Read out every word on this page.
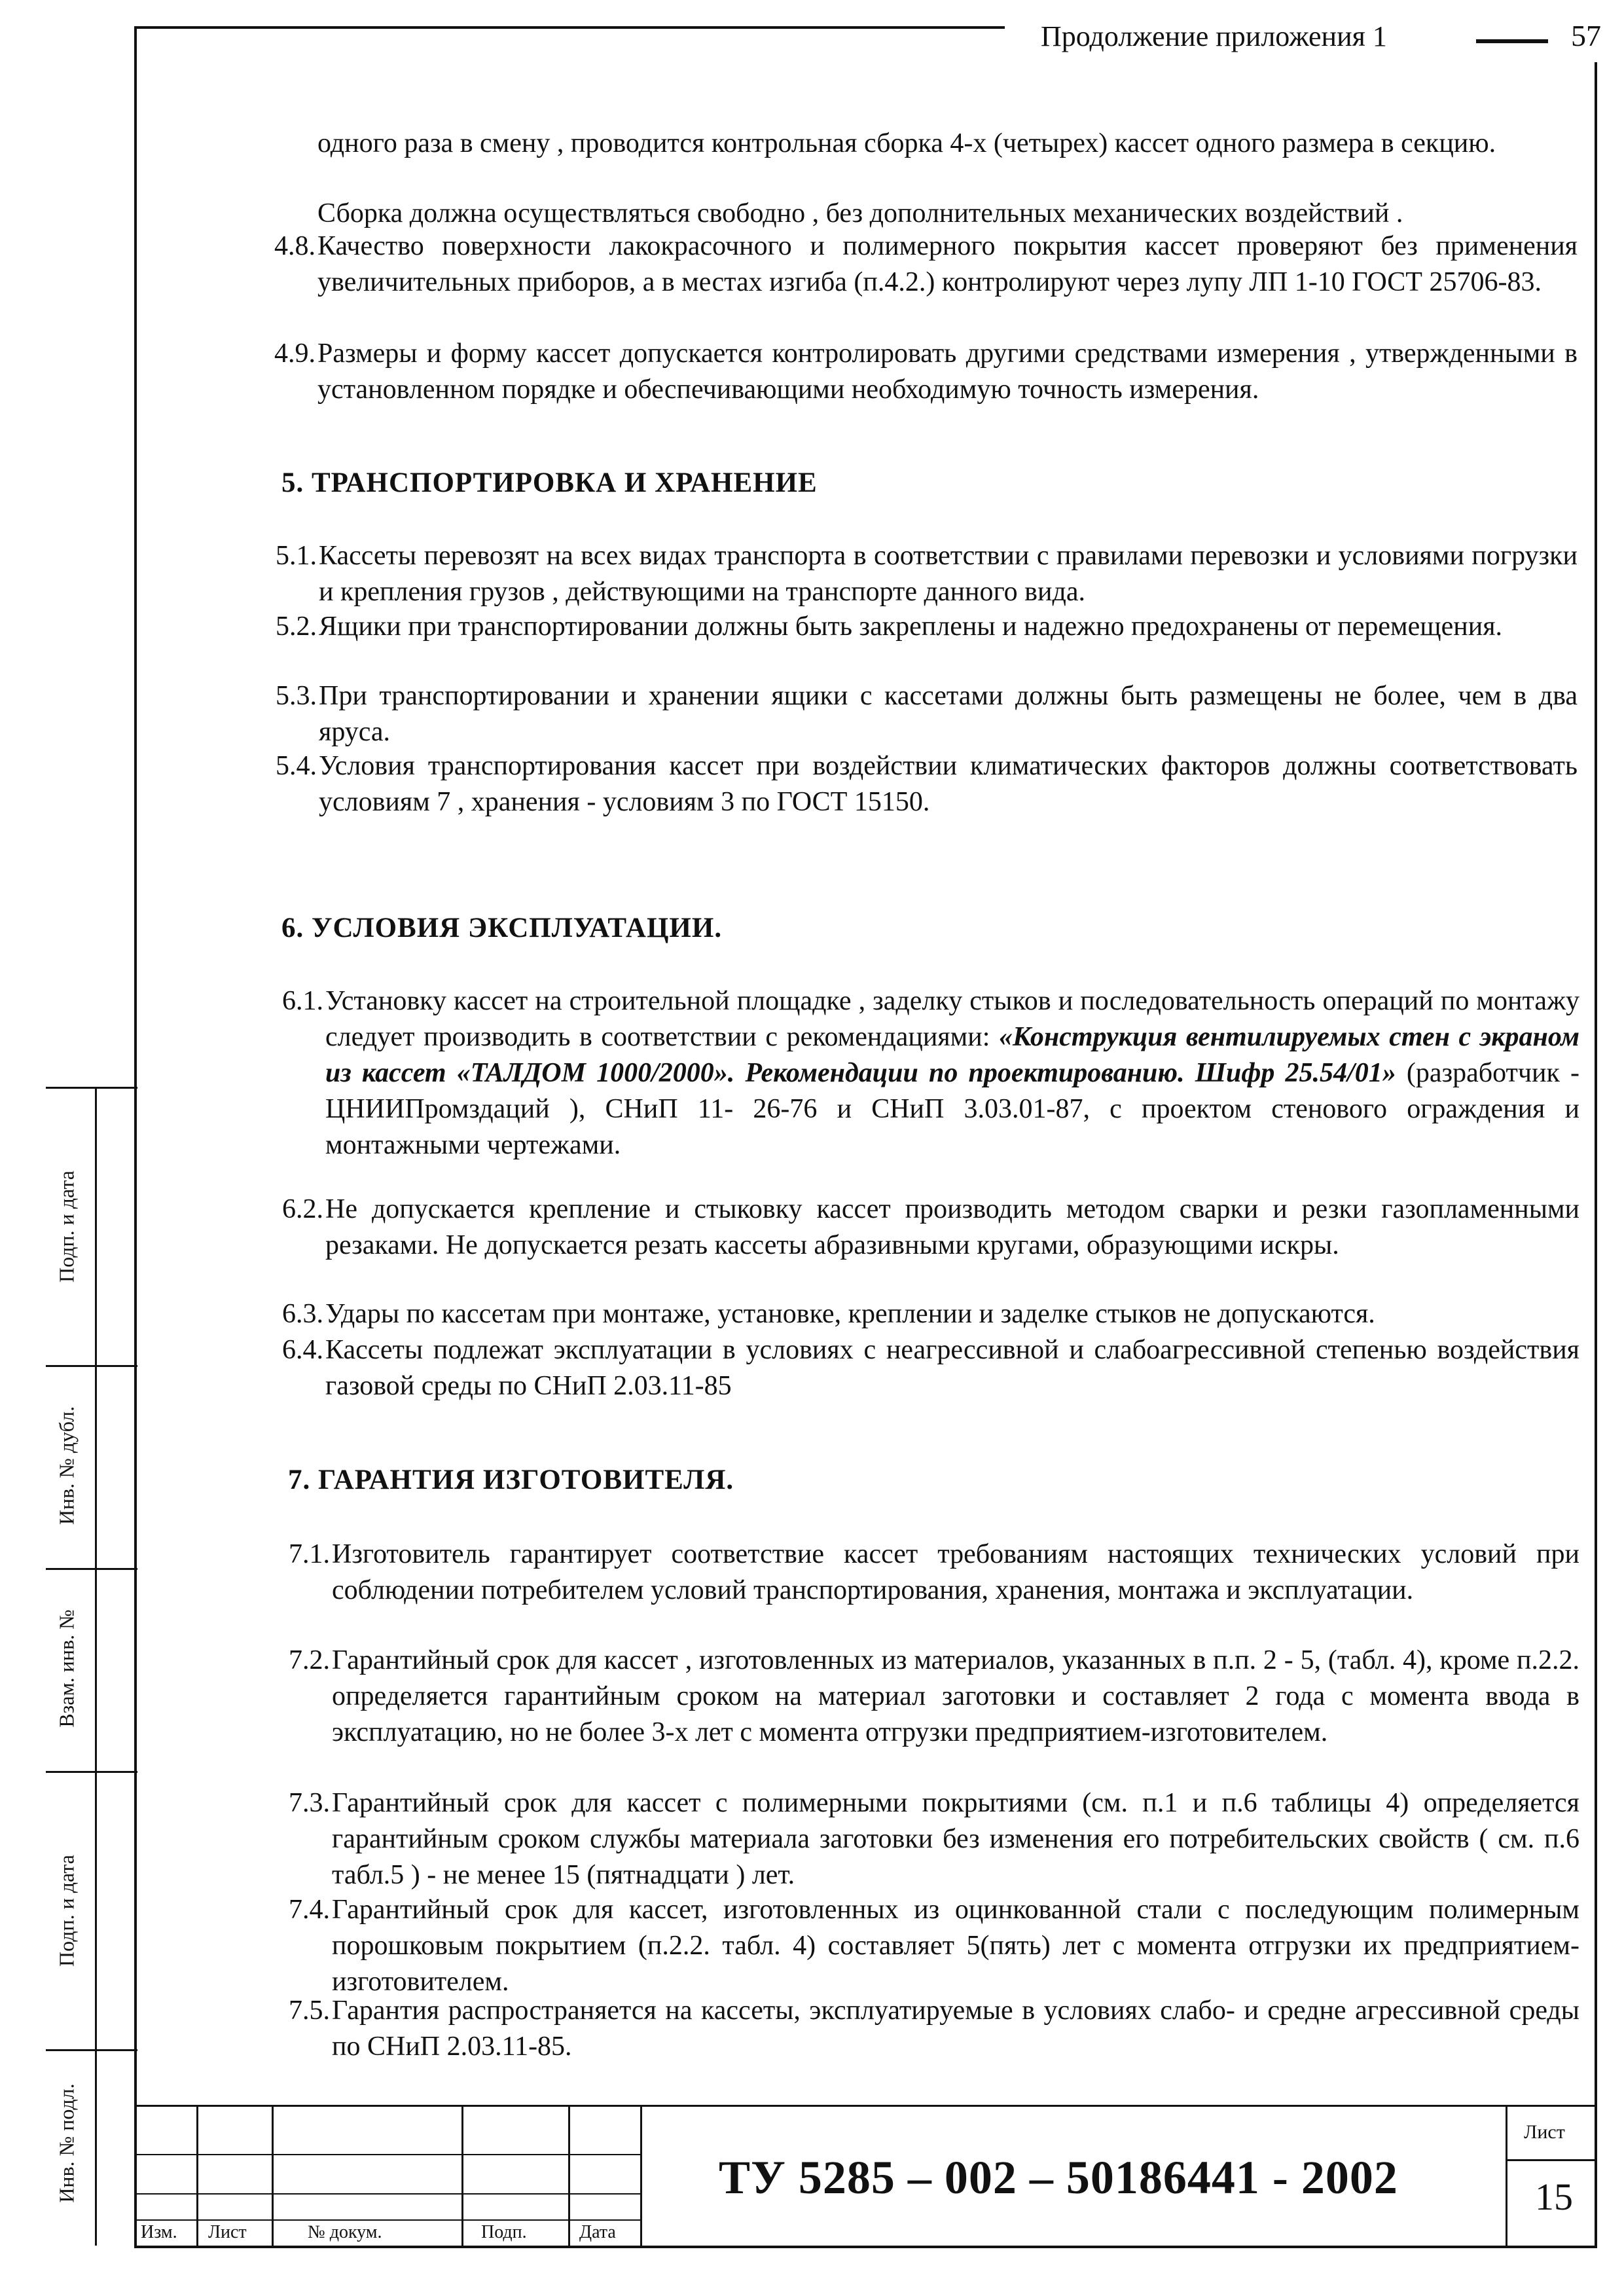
Продолжение приложения 1	57
одного раза в смену , проводится контрольная сборка 4-х (четырех) кассет одного размера в секцию.
Сборка должна осуществляться свободно , без дополнительных механических воздействий .
4.8. Качество поверхности лакокрасочного и полимерного покрытия кассет проверяют без применения увеличительных приборов, а в местах изгиба (п.4.2.) контролируют через лупу ЛП 1-10 ГОСТ 25706-83.
4.9. Размеры и форму кассет допускается контролировать другими средствами измерения , утвержденными в установленном порядке и обеспечивающими необходимую точность измерения.
5. ТРАНСПОРТИРОВКА И ХРАНЕНИЕ
5.1. Кассеты перевозят на всех видах транспорта в соответствии с правилами перевозки и условиями погрузки и крепления грузов , действующими на транспорте данного вида.
5.2. Ящики при транспортировании должны быть закреплены и надежно предохранены от перемещения.
5.3. При транспортировании и хранении ящики с кассетами должны быть размещены не более, чем в два яруса.
5.4. Условия транспортирования кассет при воздействии климатических факторов должны соответствовать условиям 7 , хранения - условиям 3 по ГОСТ 15150.
6. УСЛОВИЯ ЭКСПЛУАТАЦИИ.
6.1. Установку кассет на строительной площадке , заделку стыков и последовательность операций по монтажу следует производить в соответствии с рекомендациями: «Конструкция вентилируемых стен с экраном из кассет «ТАЛДОМ 1000/2000». Рекомендации по проектированию. Шифр 25.54/01» (разработчик - ЦНИИПромздаций ), СНиП 11- 26-76 и СНиП 3.03.01-87, с проектом стенового ограждения и монтажными чертежами.
6.2. Не допускается крепление и стыковку кассет производить методом сварки и резки газопламенными резаками. Не допускается резать кассеты абразивными кругами, образующими искры.
6.3. Удары по кассетам при монтаже, установке, креплении и заделке стыков не допускаются.
6.4. Кассеты подлежат эксплуатации в условиях с неагрессивной и слабоагрессивной степенью воздействия газовой среды по СНиП 2.03.11-85
7. ГАРАНТИЯ ИЗГОТОВИТЕЛЯ.
7.1. Изготовитель гарантирует соответствие кассет требованиям настоящих технических условий при соблюдении потребителем условий транспортирования, хранения, монтажа и эксплуатации.
7.2. Гарантийный срок для кассет , изготовленных из материалов, указанных в п.п. 2 - 5, (табл. 4), кроме п.2.2. определяется гарантийным сроком на материал заготовки и составляет 2 года с момента ввода в эксплуатацию, но не более 3-х лет с момента отгрузки предприятием-изготовителем.
7.3. Гарантийный срок для кассет с полимерными покрытиями (см. п.1 и п.6 таблицы 4) определяется гарантийным сроком службы материала заготовки без изменения его потребительских свойств ( см. п.6 табл.5 ) - не менее 15 (пятнадцати ) лет.
7.4. Гарантийный срок для кассет, изготовленных из оцинкованной стали с последующим полимерным порошковым покрытием (п.2.2. табл. 4) составляет 5(пять) лет с момента отгрузки их предприятием-изготовителем.
7.5. Гарантия распространяется на кассеты, эксплуатируемые в условиях слабо- и средне агрессивной среды по СНиП 2.03.11-85.
Подп. и дата
Инв. № дубл.
Взам. инв. №
Подп. и дата
Инв. № подл.
Изм. Лист	№ докум.	Подп.	Дата
ТУ 5285 – 002 – 50186441 - 2002
Лист
15
